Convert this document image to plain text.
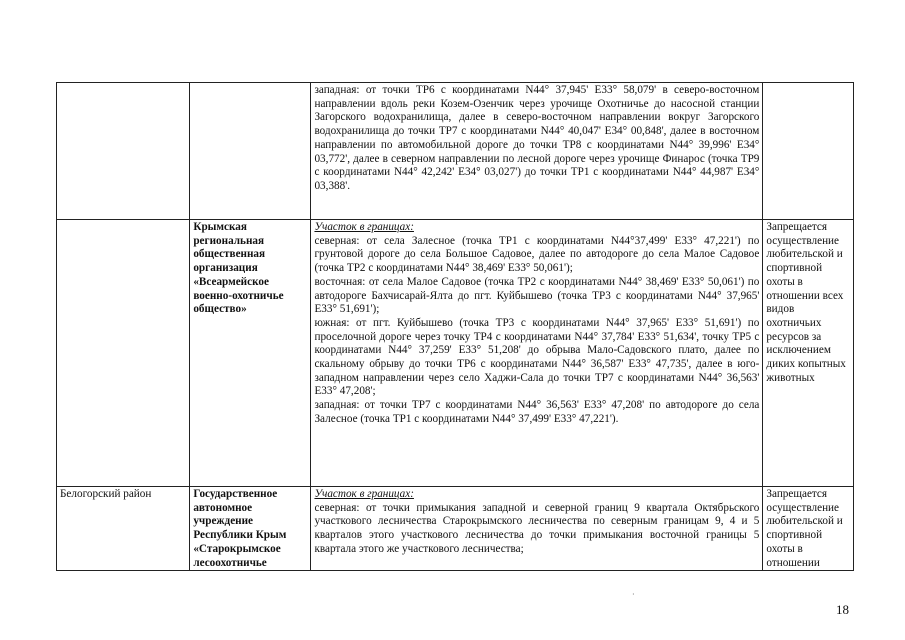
		западная: от точки ТР6 с координатами N44° 37,945' E33° 58,079' в северо-восточном направлении вдоль реки Козем-Озенчик через урочище Охотничье до насосной станции Загорского водохранилища, далее в северо-восточном направлении вокруг Загорского водохранилища до точки ТР7 с координатами N44° 40,047' E34° 00,848', далее в восточном направлении по автомобильной дороге до точки ТР8 с координатами N44° 39,996' E34° 03,772', далее в северном направлении по лесной дороге через урочище Финарос (точка ТР9 с координатами N44° 42,242' E34° 03,027') до точки ТР1 с координатами N44° 44,987' E34° 03,388'.	

	Крымская региональная общественная организация «Всеармейское военно-охотничье общество»	Участок в границах:
северная: от села Залесное (точка ТР1 с координатами N44°37,499' E33° 47,221') по грунтовой дороге до села Большое Садовое, далее по автодороге до села Малое Садовое (точка ТР2 с координатами N44° 38,469' E33° 50,061');
восточная: от села Малое Садовое (точка ТР2 с координатами N44° 38,469' E33° 50,061') по автодороге Бахчисарай-Ялта до пгт. Куйбышево (точка ТР3 с координатами N44° 37,965' E33° 51,691');
южная: от пгт. Куйбышево (точка ТР3 с координатами N44° 37,965' E33° 51,691') по проселочной дороге через точку ТР4 с координатами N44° 37,784' E33° 51,634', точку ТР5 с координатами N44° 37,259' E33° 51,208' до обрыва Мало-Садовского плато, далее по скальному обрыву до точки ТР6 с координатами N44° 36,587' E33° 47,735', далее в юго-западном направлении через село Хаджи-Сала до точки ТР7 с координатами N44° 36,563' E33° 47,208';
западная: от точки ТР7 с координатами N44° 36,563' E33° 47,208' по автодороге до села Залесное (точка ТР1 с координатами N44° 37,499' E33° 47,221').	Запрещается осуществление любительской и спортивной охоты в отношении всех видов охотничьих ресурсов за исключением диких копытных животных
Белогорский район	Государственное автономное учреждение Республики Крым «Старокрымское лесоохотничье	Участок в границах:
северная: от точки примыкания западной и северной границ 9 квартала Октябрьского участкового лесничества Старокрымского лесничества по северным границам 9, 4 и 5 кварталов этого участкового лесничества до точки примыкания восточной границы 5 квартала этого же участкового лесничества;	Запрещается осуществление любительской и спортивной охоты в отношении
·
18
